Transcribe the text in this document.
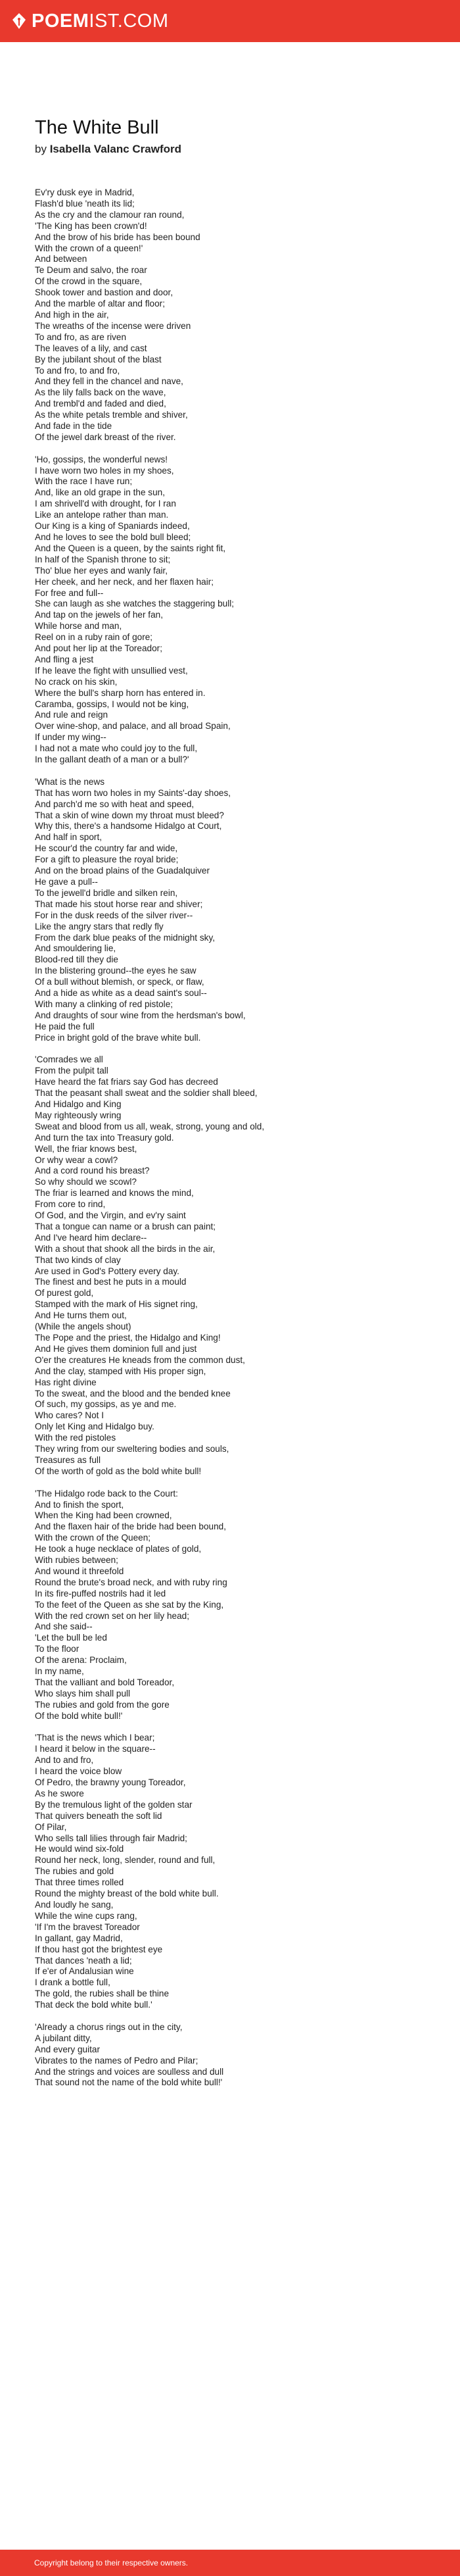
POEMIST.COM
The White Bull
by Isabella Valanc Crawford
Ev'ry dusk eye in Madrid,
Flash'd blue 'neath its lid;
As the cry and the clamour ran round,
'The King has been crown'd!
And the brow of his bride has been bound
With the crown of a queen!'
And between
Te Deum and salvo, the roar
Of the crowd in the square,
Shook tower and bastion and door,
And the marble of altar and floor;
And high in the air,
The wreaths of the incense were driven
To and fro, as are riven
The leaves of a lily, and cast
By the jubilant shout of the blast
To and fro, to and fro,
And they fell in the chancel and nave,
As the lily falls back on the wave,
And trembl'd and faded and died,
As the white petals tremble and shiver,
And fade in the tide
Of the jewel dark breast of the river.
'Ho, gossips, the wonderful news!
I have worn two holes in my shoes,
With the race I have run;
And, like an old grape in the sun,
I am shrivell'd with drought, for I ran
Like an antelope rather than man.
Our King is a king of Spaniards indeed,
And he loves to see the bold bull bleed;
And the Queen is a queen, by the saints right fit,
In half of the Spanish throne to sit;
Tho' blue her eyes and wanly fair,
Her cheek, and her neck, and her flaxen hair;
For free and full--
She can laugh as she watches the staggering bull;
And tap on the jewels of her fan,
While horse and man,
Reel on in a ruby rain of gore;
And pout her lip at the Toreador;
And fling a jest
If he leave the fight with unsullied vest,
No crack on his skin,
Where the bull's sharp horn has entered in.
Caramba, gossips, I would not be king,
And rule and reign
Over wine-shop, and palace, and all broad Spain,
If under my wing--
I had not a mate who could joy to the full,
In the gallant death of a man or a bull?'
'What is the news
That has worn two holes in my Saints'-day shoes,
And parch'd me so with heat and speed,
That a skin of wine down my throat must bleed?
Why this, there's a handsome Hidalgo at Court,
And half in sport,
He scour'd the country far and wide,
For a gift to pleasure the royal bride;
And on the broad plains of the Guadalquiver
He gave a pull--
To the jewell'd bridle and silken rein,
That made his stout horse rear and shiver;
For in the dusk reeds of the silver river--
Like the angry stars that redly fly
From the dark blue peaks of the midnight sky,
And smouldering lie,
Blood-red till they die
In the blistering ground--the eyes he saw
Of a bull without blemish, or speck, or flaw,
And a hide as white as a dead saint's soul--
With many a clinking of red pistole;
And draughts of sour wine from the herdsman's bowl,
He paid the full
Price in bright gold of the brave white bull.
'Comrades we all
From the pulpit tall
Have heard the fat friars say God has decreed
That the peasant shall sweat and the soldier shall bleed,
And Hidalgo and King
May righteously wring
Sweat and blood from us all, weak, strong, young and old,
And turn the tax into Treasury gold.
Well, the friar knows best,
Or why wear a cowl?
And a cord round his breast?
So why should we scowl?
The friar is learned and knows the mind,
From core to rind,
Of God, and the Virgin, and ev'ry saint
That a tongue can name or a brush can paint;
And I've heard him declare--
With a shout that shook all the birds in the air,
That two kinds of clay
Are used in God's Pottery every day.
The finest and best he puts in a mould
Of purest gold,
Stamped with the mark of His signet ring,
And He turns them out,
(While the angels shout)
The Pope and the priest, the Hidalgo and King!
And He gives them dominion full and just
O'er the creatures He kneads from the common dust,
And the clay, stamped with His proper sign,
Has right divine
To the sweat, and the blood and the bended knee
Of such, my gossips, as ye and me.
Who cares? Not I
Only let King and Hidalgo buy.
With the red pistoles
They wring from our sweltering bodies and souls,
Treasures as full
Of the worth of gold as the bold white bull!
'The Hidalgo rode back to the Court:
And to finish the sport,
When the King had been crowned,
And the flaxen hair of the bride had been bound,
With the crown of the Queen;
He took a huge necklace of plates of gold,
With rubies between;
And wound it threefold
Round the brute's broad neck, and with ruby ring
In its fire-puffed nostrils had it led
To the feet of the Queen as she sat by the King,
With the red crown set on her lily head;
And she said--
'Let the bull be led
To the floor
Of the arena: Proclaim,
In my name,
That the valliant and bold Toreador,
Who slays him shall pull
The rubies and gold from the gore
Of the bold white bull!'
'That is the news which I bear;
I heard it below in the square--
And to and fro,
I heard the voice blow
Of Pedro, the brawny young Toreador,
As he swore
By the tremulous light of the golden star
That quivers beneath the soft lid
Of Pilar,
Who sells tall lilies through fair Madrid;
He would wind six-fold
Round her neck, long, slender, round and full,
The rubies and gold
That three times rolled
Round the mighty breast of the bold white bull.
And loudly he sang,
While the wine cups rang,
'If I'm the bravest Toreador
In gallant, gay Madrid,
If thou hast got the brightest eye
That dances 'neath a lid;
If e'er of Andalusian wine
I drank a bottle full,
The gold, the rubies shall be thine
That deck the bold white bull.'
'Already a chorus rings out in the city,
A jubilant ditty,
And every guitar
Vibrates to the names of Pedro and Pilar;
And the strings and voices are soulless and dull
That sound not the name of the bold white bull!'
Copyright belong to their respective owners.
